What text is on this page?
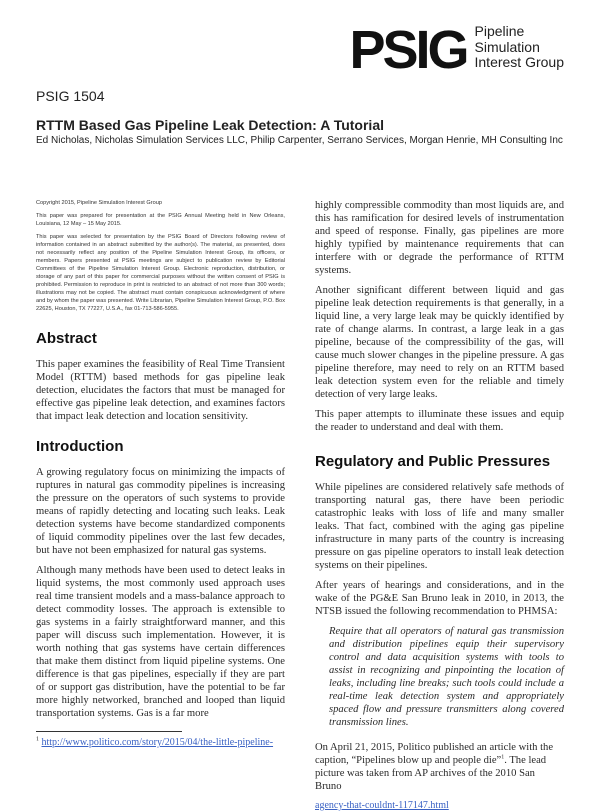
PSIG Pipeline
Simulation
Interest Group
PSIG 1504
RTTM Based Gas Pipeline Leak Detection: A Tutorial
Ed Nicholas, Nicholas Simulation Services LLC, Philip Carpenter, Serrano Services, Morgan Henrie, MH Consulting Inc

Copyright 2015, Pipeline Simulation Interest Group

This paper was prepared for presentation at the PSIG Annual Meeting held in New Orleans, Louisiana, 12 May – 15 May 2015.

This paper was selected for presentation by the PSIG Board of Directors following review of information contained in an abstract submitted by the author(s). The material, as presented, does not necessarily reflect any position of the Pipeline Simulation Interest Group, its officers, or members. Papers presented at PSIG meetings are subject to publication review by Editorial Committees of the Pipeline Simulation Interest Group. Electronic reproduction, distribution, or storage of any part of this paper for commercial purposes without the written consent of PSIG is prohibited. Permission to reproduce in print is restricted to an abstract of not more than 300 words; illustrations may not be copied. The abstract must contain conspicuous acknowledgment of where and by whom the paper was presented. Write Librarian, Pipeline Simulation Interest Group, P.O. Box 22625, Houston, TX 77227, U.S.A., fax 01-713-586-5955.

Abstract

This paper examines the feasibility of Real Time Transient Model (RTTM) based methods for gas pipeline leak detection, elucidates the factors that must be managed for effective gas pipeline leak detection, and examines factors that impact leak detection and location sensitivity.

Introduction

A growing regulatory focus on minimizing the impacts of ruptures in natural gas commodity pipelines is increasing the pressure on the operators of such systems to provide means of rapidly detecting and locating such leaks. Leak detection systems have become standardized components of liquid commodity pipelines over the last few decades, but have not been emphasized for natural gas systems.

Although many methods have been used to detect leaks in liquid systems, the most commonly used approach uses real time transient models and a mass-balance approach to detect commodity losses. The approach is extensible to gas systems in a fairly straightforward manner, and this paper will discuss such implementation. However, it is worth nothing that gas systems have certain differences that make them distinct from liquid pipeline systems. One difference is that gas pipelines, especially if they are part of or support gas distribution, have the potential to be far more highly networked, branched and looped than liquid transportation systems. Gas is a far more

$^1$ http://www.politico.com/story/2015/04/the-little-pipeline-

highly compressible commodity than most liquids are, and this has ramification for desired levels of instrumentation and speed of response. Finally, gas pipelines are more highly typified by maintenance requirements that can interfere with or degrade the performance of RTTM systems.

Another significant different between liquid and gas pipeline leak detection requirements is that generally, in a liquid line, a very large leak may be quickly identified by rate of change alarms. In contrast, a large leak in a gas pipeline, because of the compressibility of the gas, will cause much slower changes in the pipeline pressure. A gas pipeline therefore, may need to rely on an RTTM based leak detection system even for the reliable and timely detection of very large leaks.

This paper attempts to illuminate these issues and equip the reader to understand and deal with them.

Regulatory and Public Pressures

While pipelines are considered relatively safe methods of transporting natural gas, there have been periodic catastrophic leaks with loss of life and many smaller leaks. That fact, combined with the aging gas pipeline infrastructure in many parts of the country is increasing pressure on gas pipeline operators to install leak detection systems on their pipelines.

After years of hearings and considerations, and in the wake of the PG&E San Bruno leak in 2010, in 2013, the NTSB issued the following recommendation to PHMSA:

Require that all operators of natural gas transmission and distribution pipelines equip their supervisory control and data acquisition systems with tools to assist in recognizing and pinpointing the location of leaks, including line breaks; such tools could include a real-time leak detection system and appropriately spaced flow and pressure transmitters along covered transmission lines.

On April 21, 2015, Politico published an article with the caption, “Pipelines blow up and people die”$^1$. The lead picture was taken from AP archives of the 2010 San Bruno

agency-that-couldnt-117147.html
